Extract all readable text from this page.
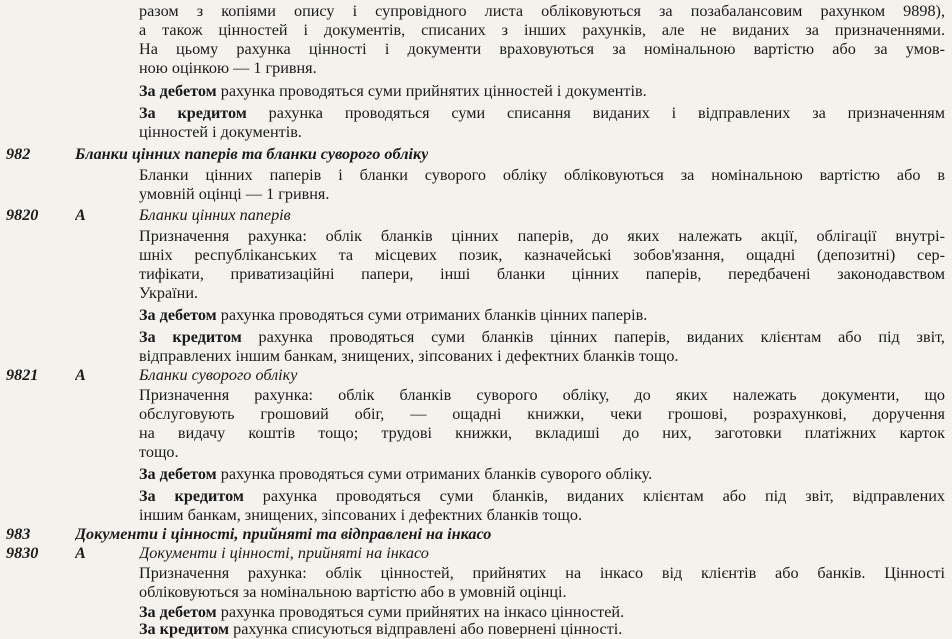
разом з копіями опису і супровідного листа обліковуються за позабалансовим рахунком 9898),
а також цінностей і документів, списаних з інших рахунків, але не виданих за призначеннями.
На цьому рахунка цінності і документи враховуються за номінальною вартістю або за умов-
ною оцінкою — 1 гривня.
За дебетом рахунка проводяться суми прийнятих цінностей і документів.
За кредитом рахунка проводяться суми списання виданих і відправлених за призначенням
цінностей і документів.
982	Бланки цінних паперів та бланки суворого обліку
Бланки цінних паперів і бланки суворого обліку обліковуються за номінальною вартістю або в
умовній оцінці — 1 гривня.
9820 А	Бланки цінних паперів
Призначення рахунка: облік бланків цінних паперів, до яких належать акції, облігації внутрі-
шніх республіканських та місцевих позик, казначейські зобов'язання, ощадні (депозитні) сер-
тифікати, приватизаційні папери, інші бланки цінних паперів, передбачені законодавством
України.
За дебетом рахунка проводяться суми отриманих бланків цінних паперів.
За кредитом рахунка проводяться суми бланків цінних паперів, виданих клієнтам або під звіт,
відправлених іншим банкам, знищених, зіпсованих і дефектних бланків тощо.
9821 А	Бланки суворого обліку
Призначення рахунка: облік бланків суворого обліку, до яких належать документи, що
обслуговують грошовий обіг, — ощадні книжки, чеки грошові, розрахункові, доручення
на видачу коштів тощо; трудові книжки, вкладиші до них, заготовки платіжних карток
тощо.
За дебетом рахунка проводяться суми отриманих бланків суворого обліку.
За кредитом рахунка проводяться суми бланків, виданих клієнтам або під звіт, відправлених
іншим банкам, знищених, зіпсованих і дефектних бланків тощо.
983	Документи і цінності, прийняті та відправлені на інкасо
9830 А	Документи і цінності, прийняті на інкасо
Призначення рахунка: облік цінностей, прийнятих на інкасо від клієнтів або банків. Цінності
обліковуються за номінальною вартістю або в умовній оцінці.
За дебетом рахунка проводяться суми прийнятих на інкасо цінностей.
За кредитом рахунка списуються відправлені або повернені цінності.
